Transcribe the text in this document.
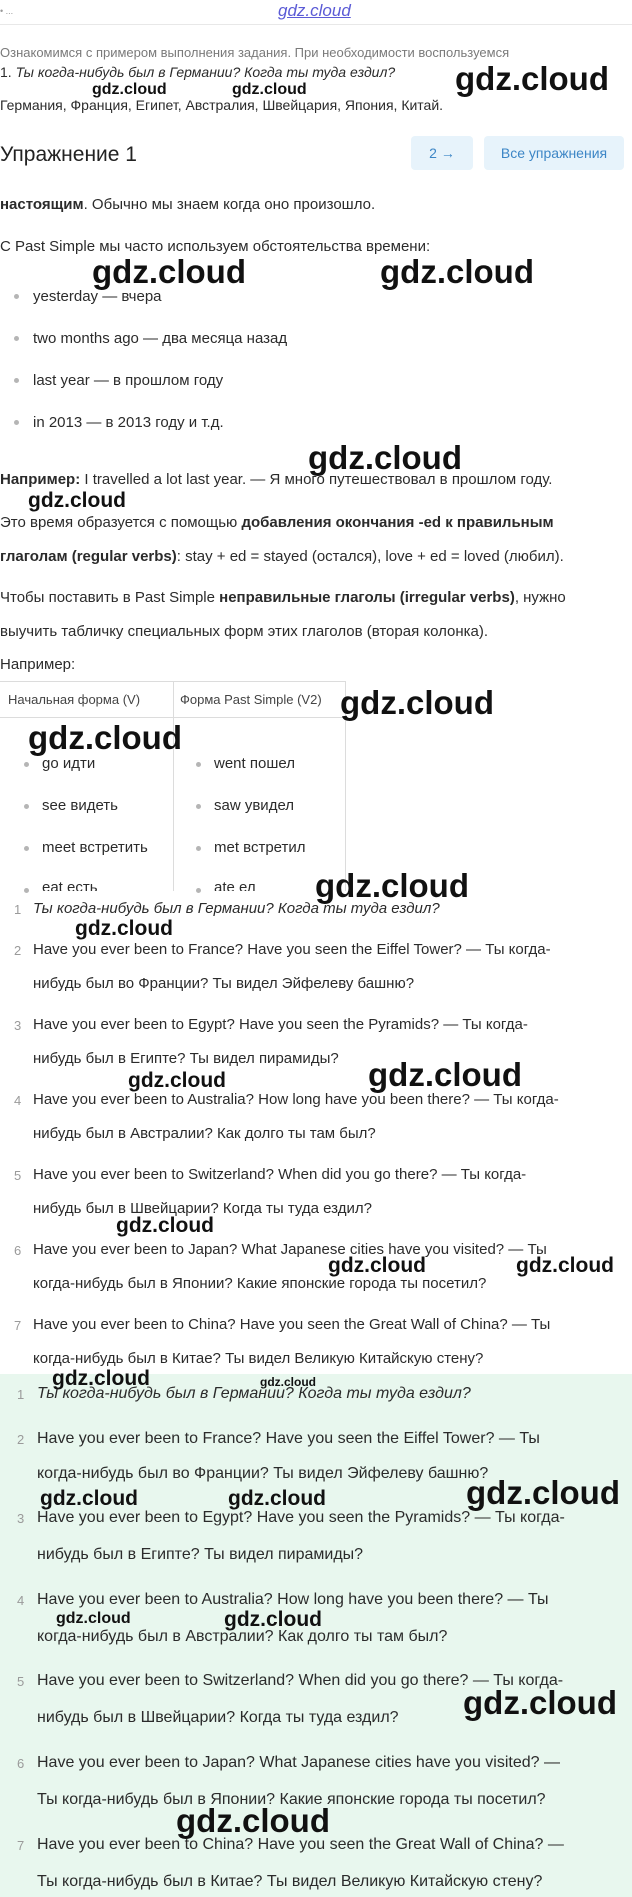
• ...	gdz.cloud
Ознакомимся с примером выполнения задания. При необходимости воспользуемся
1. Ты когда-нибудь был в Германии? Когда ты туда ездил?
Германия, Франция, Египет, Австралия, Швейцария, Япония, Китай.
Упражнение 1	2 →	Все упражнения
настоящим. Обычно мы знаем когда оно произошло.
С Past Simple мы часто используем обстоятельства времени:
yesterday — вчера
two months ago — два месяца назад
last year — в прошлом году
in 2013 — в 2013 году и т.д.
Например: I travelled a lot last year. — Я много путешествовал в прошлом году.
Это время образуется с помощью добавления окончания -ed к правильным
глаголам (regular verbs): stay + ed = stayed (остался), love + ed = loved (любил).
Чтобы поставить в Past Simple неправильные глаголы (irregular verbs), нужно
выучить табличку специальных форм этих глаголов (вторая колонка).
Например:
Начальная форма (V)	Форма Past Simple (V2)
go идти	went пошел
see видеть	saw увидел
meet встретить	met встретил
eat есть	ate ел
1 Ты когда-нибудь был в Германии? Когда ты туда ездил?
2 Have you ever been to France? Have you seen the Eiffel Tower? — Ты когда-
нибудь был во Франции? Ты видел Эйфелеву башню?
3 Have you ever been to Egypt? Have you seen the Pyramids? — Ты когда-
нибудь был в Египте? Ты видел пирамиды?
4 Have you ever been to Australia? How long have you been there? — Ты когда-
нибудь был в Австралии? Как долго ты там был?
5 Have you ever been to Switzerland? When did you go there? — Ты когда-
нибудь был в Швейцарии? Когда ты туда ездил?
6 Have you ever been to Japan? What Japanese cities have you visited? — Ты
когда-нибудь был в Японии? Какие японские города ты посетил?
7 Have you ever been to China? Have you seen the Great Wall of China? — Ты
когда-нибудь был в Китае? Ты видел Великую Китайскую стену?
1 Ты когда-нибудь был в Германии? Когда ты туда ездил?
2 Have you ever been to France? Have you seen the Eiffel Tower? — Ты
когда-нибудь был во Франции? Ты видел Эйфелеву башню?
3 Have you ever been to Egypt? Have you seen the Pyramids? — Ты когда-
нибудь был в Египте? Ты видел пирамиды?
4 Have you ever been to Australia? How long have you been there? — Ты
когда-нибудь был в Австралии? Как долго ты там был?
5 Have you ever been to Switzerland? When did you go there? — Ты когда-
нибудь был в Швейцарии? Когда ты туда ездил?
6 Have you ever been to Japan? What Japanese cities have you visited? —
Ты когда-нибудь был в Японии? Какие японские города ты посетил?
7 Have you ever been to China? Have you seen the Great Wall of China? —
Ты когда-нибудь был в Китае? Ты видел Великую Китайскую стену?
gdz.cloud
gdz.cloud	gdz.cloud
gdz.cloud	gdz.cloud
gdz.cloud
gdz.cloud
gdz.cloud
gdz.cloud
gdz.cloud
gdz.cloud
gdz.cloud
gdz.cloud
gdz.cloud
gdz.cloud	gdz.cloud
gdz.cloud	gdz.cloud
gdz.cloud
gdz.cloud	gdz.cloud
gdz.cloud	gdz.cloud
gdz.cloud
gdz.cloud
